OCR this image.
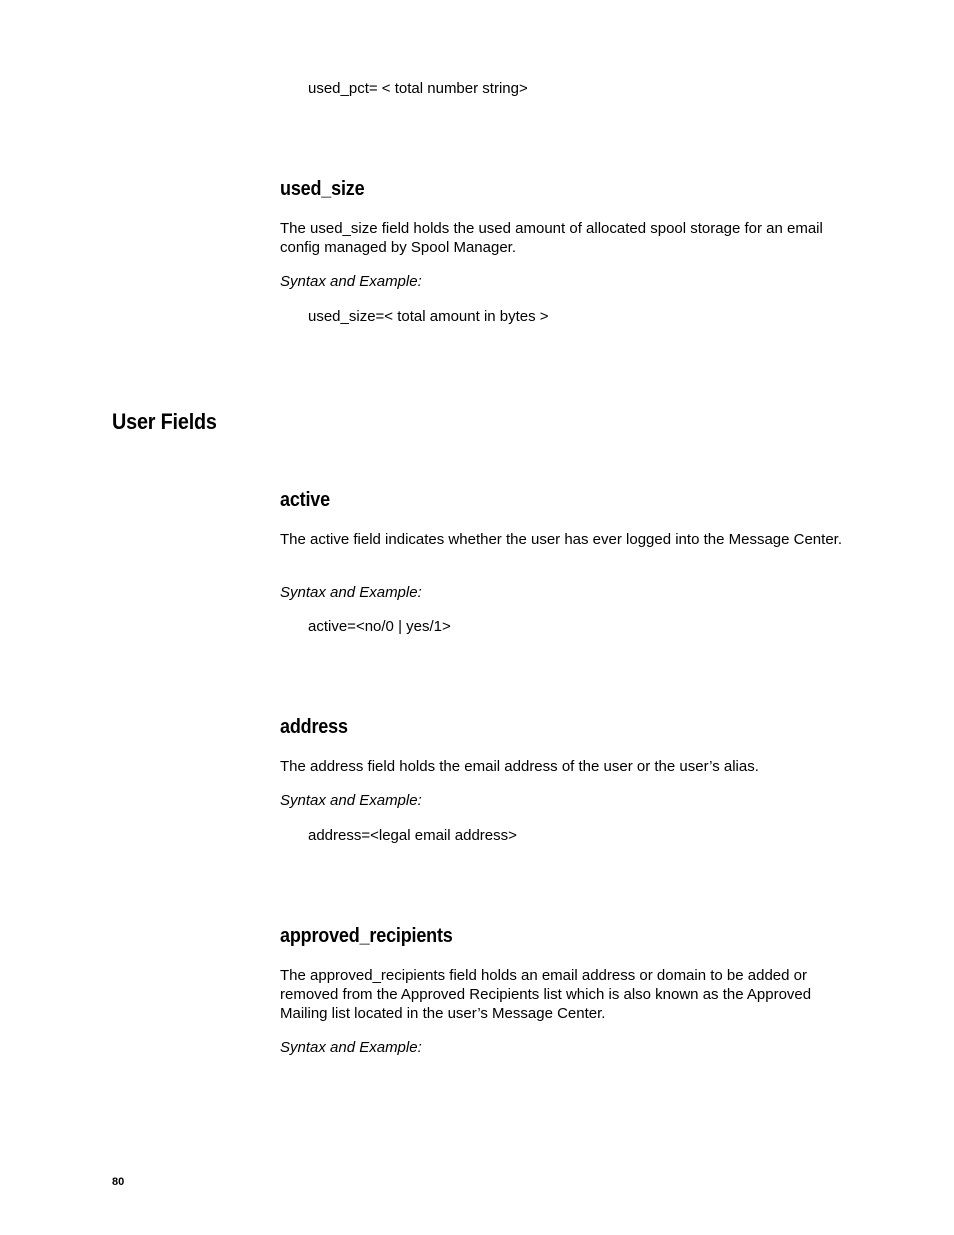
used_pct= < total number string>
used_size
The used_size field holds the used amount of allocated spool storage for an email config managed by Spool Manager.
Syntax and Example:
used_size=< total amount in bytes >
User Fields
active
The active field indicates whether the user has ever logged into the Message Center.
Syntax and Example:
active=<no/0 | yes/1>
address
The address field holds the email address of the user or the user’s alias.
Syntax and Example:
address=<legal email address>
approved_recipients
The approved_recipients field holds an email address or domain to be added or removed from the Approved Recipients list which is also known as the Approved Mailing list located in the user’s Message Center.
Syntax and Example:
80
